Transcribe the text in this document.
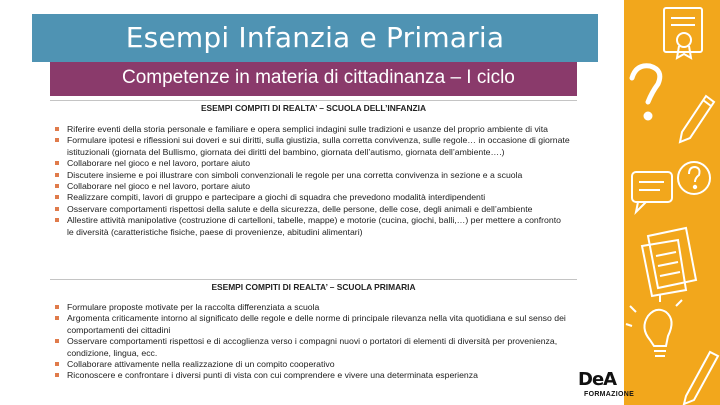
Esempi Infanzia e Primaria
Competenze in materia di cittadinanza – I ciclo
ESEMPI COMPITI DI REALTA’ – SCUOLA DELL’INFANZIA
Riferire eventi della storia personale e familiare e opera semplici indagini sulle tradizioni e usanze del proprio ambiente di vita
Formulare ipotesi e riflessioni sui doveri e sui diritti, sulla giustizia, sulla corretta convivenza, sulle regole… in occasione di giornate istituzionali (giornata del Bullismo, giornata dei diritti del bambino, giornata dell’autismo, giornata dell’ambiente….)
Collaborare nel gioco e nel lavoro, portare aiuto
Discutere insieme e poi illustrare con simboli convenzionali le regole per una corretta convivenza in sezione e a scuola
Collaborare nel gioco e nel lavoro, portare aiuto
Realizzare compiti, lavori di gruppo e partecipare a giochi di squadra che prevedono modalità interdipendenti
Osservare comportamenti rispettosi della salute e della sicurezza, delle persone, delle cose, degli animali e dell’ambiente
Allestire attività manipolative (costruzione di cartelloni, tabelle, mappe) e motorie (cucina, giochi, balli,…) per mettere a confronto le diversità (caratteristiche fisiche, paese di provenienze, abitudini alimentari)
ESEMPI COMPITI DI REALTA’ – SCUOLA PRIMARIA
Formulare proposte motivate per la raccolta differenziata a scuola
Argomenta criticamente intorno al significato delle regole e delle norme di principale rilevanza nella vita quotidiana e sul senso dei comportamenti dei cittadini
Osservare comportamenti rispettosi e di accoglienza verso i compagni nuovi o portatori di elementi di diversità per provenienza, condizione, lingua, ecc.
Collaborare attivamente nella realizzazione di un compito cooperativo
Riconoscere e confrontare i diversi punti di vista con cui comprendere e vivere una determinata esperienza	DeA
FORMAZIONE
